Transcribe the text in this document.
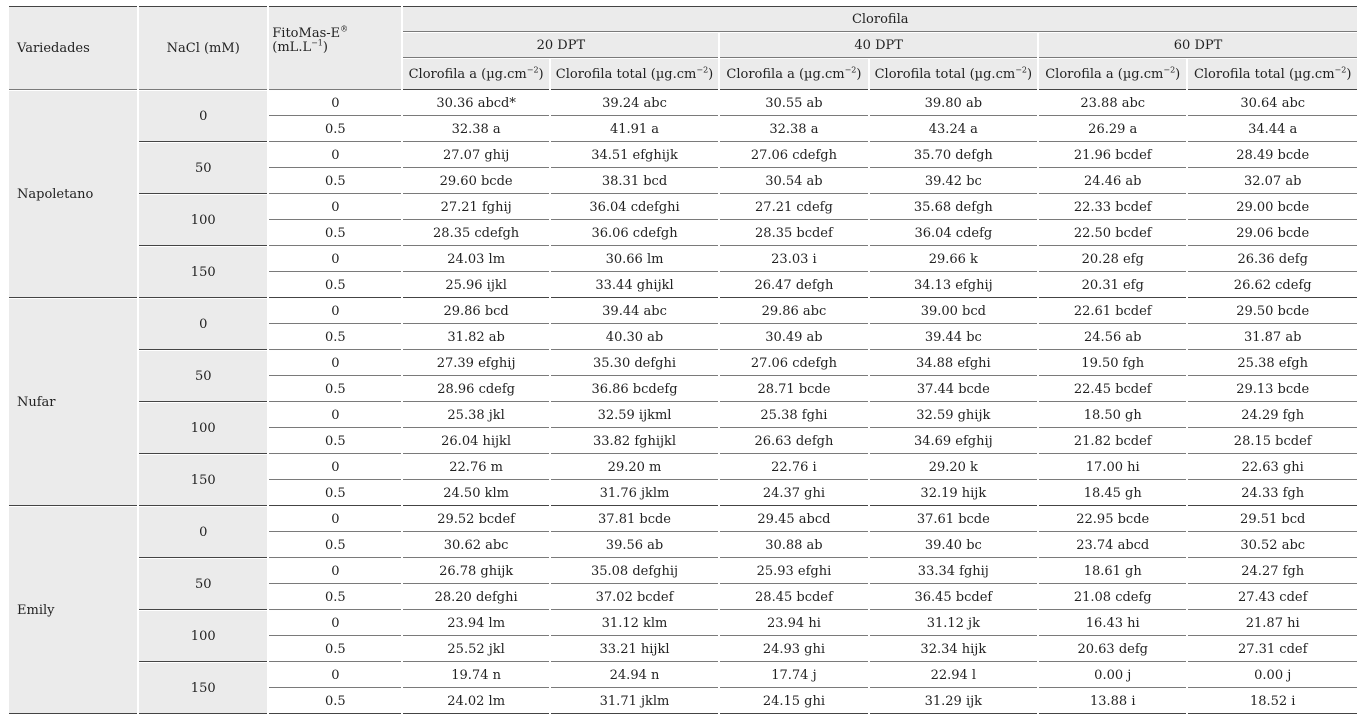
Variedades	NaCl (mM)	FitoMas-E® $(mL.L^{-1})$	Clorofila					
			20 DPT		40 DPT		60 DPT	
			Clorofila a $(\mu g.cm^{-2})$	Clorofila total $(\mu g.cm^{-2})$	Clorofila a $(\mu g.cm^{-2})$	Clorofila total $(\mu g.cm^{-2})$	Clorofila a $(\mu g.cm^{-2})$	Clorofila total $(\mu g.cm^{-2})$
Napoletano	0	0	30.36 abcd*	39.24 abc	30.55 ab	39.80 ab	23.88 abc	30.64 abc
		0.5	32.38 a	41.91 a	32.38 a	43.24 a	26.29 a	34.44 a
	50	0	27.07 ghij	34.51 efghijk	27.06 cdefgh	35.70 defgh	21.96 bcdef	28.49 bcde
		0.5	29.60 bcde	38.31 bcd	30.54 ab	39.42 bc	24.46 ab	32.07 ab
	100	0	27.21 fghij	36.04 cdefghi	27.21 cdefg	35.68 defgh	22.33 bcdef	29.00 bcde
		0.5	28.35 cdefgh	36.06 cdefgh	28.35 bcdef	36.04 cdefg	22.50 bcdef	29.06 bcde
	150	0	24.03 lm	30.66 lm	23.03 i	29.66 k	20.28 efg	26.36 defg
		0.5	25.96 ijkl	33.44 ghijkl	26.47 defgh	34.13 efghij	20.31 efg	26.62 cdefg
Nufar	0	0	29.86 bcd	39.44 abc	29.86 abc	39.00 bcd	22.61 bcdef	29.50 bcde
		0.5	31.82 ab	40.30 ab	30.49 ab	39.44 bc	24.56 ab	31.87 ab
	50	0	27.39 efghij	35.30 defghi	27.06 cdefgh	34.88 efghi	19.50 fgh	25.38 efgh
		0.5	28.96 cdefg	36.86 bcdefg	28.71 bcde	37.44 bcde	22.45 bcdef	29.13 bcde
	100	0	25.38 jkl	32.59 ijkml	25.38 fghi	32.59 ghijk	18.50 gh	24.29 fgh
		0.5	26.04 hijkl	33.82 fghijkl	26.63 defgh	34.69 efghij	21.82 bcdef	28.15 bcdef
	150	0	22.76 m	29.20 m	22.76 i	29.20 k	17.00 hi	22.63 ghi
		0.5	24.50 klm	31.76 jklm	24.37 ghi	32.19 hijk	18.45 gh	24.33 fgh
Emily	0	0	29.52 bcdef	37.81 bcde	29.45 abcd	37.61 bcde	22.95 bcde	29.51 bcd
		0.5	30.62 abc	39.56 ab	30.88 ab	39.40 bc	23.74 abcd	30.52 abc
	50	0	26.78 ghijk	35.08 defghij	25.93 efghi	33.34 fghij	18.61 gh	24.27 fgh
		0.5	28.20 defghi	37.02 bcdef	28.45 bcdef	36.45 bcdef	21.08 cdefg	27.43 cdef
	100	0	23.94 lm	31.12 klm	23.94 hi	31.12 jk	16.43 hi	21.87 hi
		0.5	25.52 jkl	33.21 hijkl	24.93 ghi	32.34 hijk	20.63 defg	27.31 cdef
	150	0	19.74 n	24.94 n	17.74 j	22.94 l	0.00 j	0.00 j
		0.5	24.02 lm	31.71 jklm	24.15 ghi	31.29 ijk	13.88 i	18.52 i
